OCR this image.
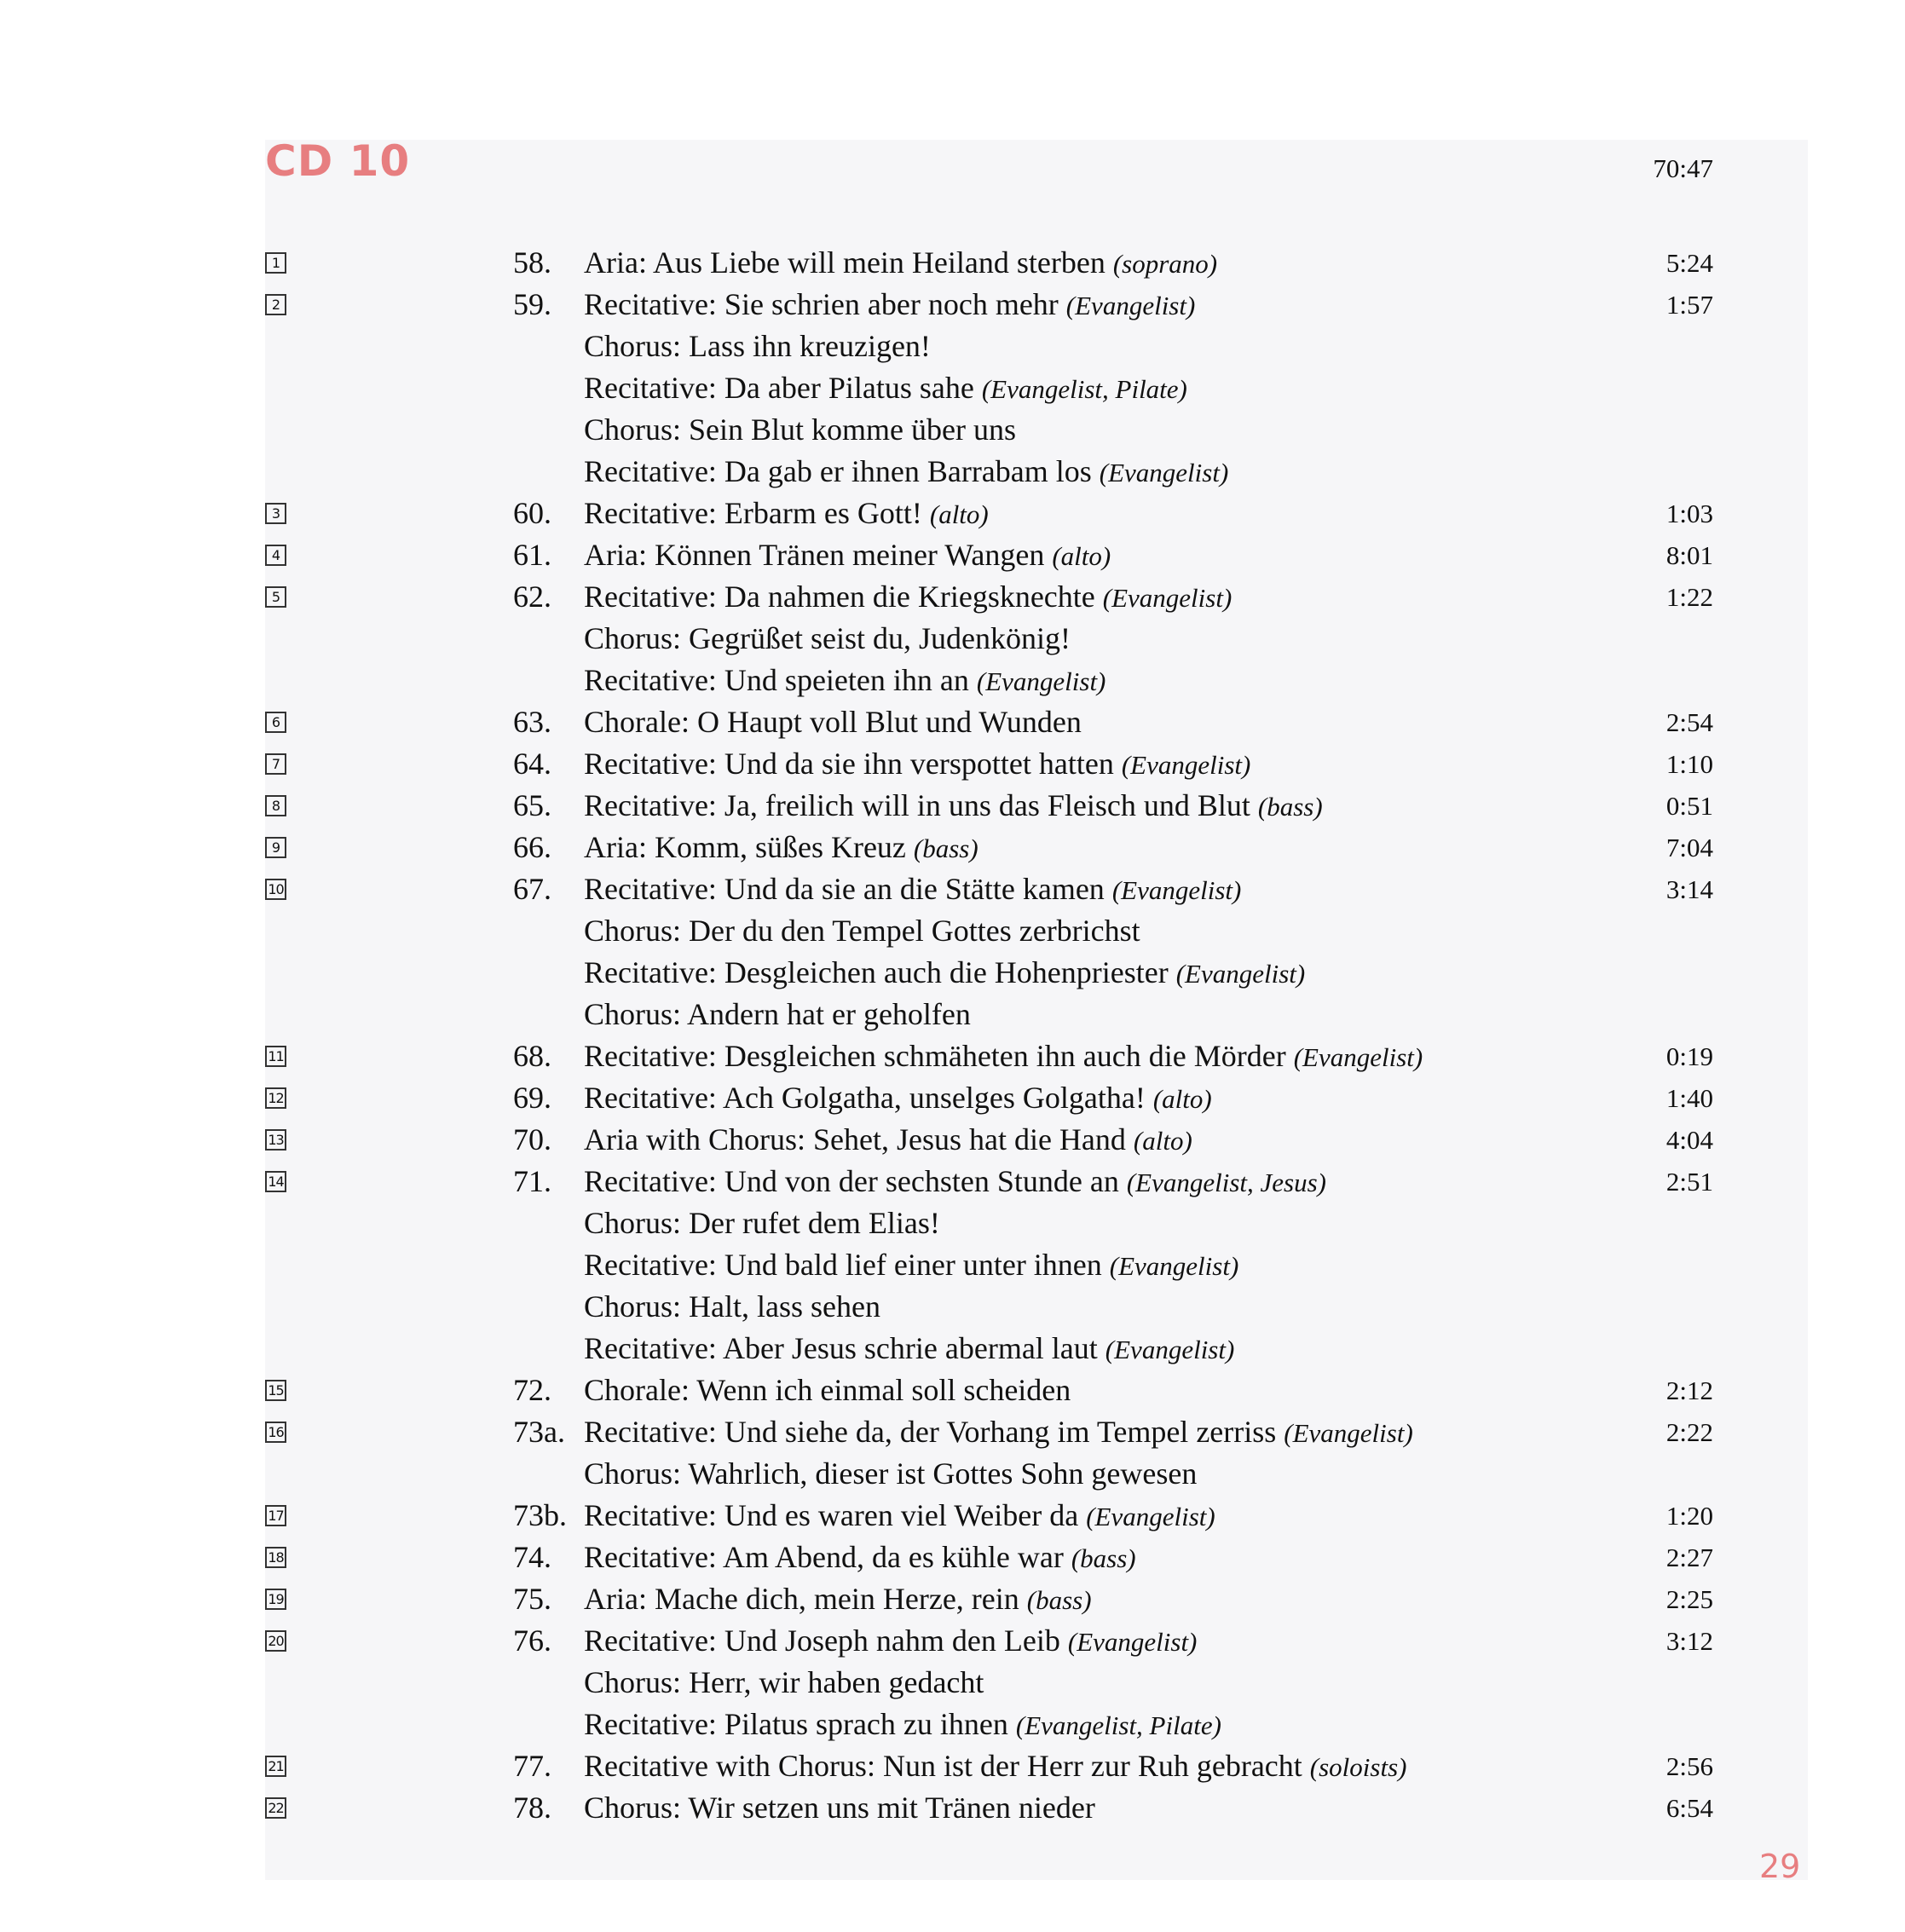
CD 10	70:47
1	58. Aria: Aus Liebe will mein Heiland sterben (soprano)	5:24
2	59. Recitative: Sie schrien aber noch mehr (Evangelist)	1:57
Chorus: Lass ihn kreuzigen!
Recitative: Da aber Pilatus sahe (Evangelist, Pilate)
Chorus: Sein Blut komme über uns
Recitative: Da gab er ihnen Barrabam los (Evangelist)
3	60. Recitative: Erbarm es Gott! (alto)	1:03
4	61. Aria: Können Tränen meiner Wangen (alto)	8:01
5	62. Recitative: Da nahmen die Kriegsknechte (Evangelist)	1:22
Chorus: Gegrüßet seist du, Judenkönig!
Recitative: Und speieten ihn an (Evangelist)
6	63. Chorale: O Haupt voll Blut und Wunden	2:54
7	64. Recitative: Und da sie ihn verspottet hatten (Evangelist)	1:10
8	65. Recitative: Ja, freilich will in uns das Fleisch und Blut (bass)	0:51
9	66. Aria: Komm, süßes Kreuz (bass)	7:04
10	67. Recitative: Und da sie an die Stätte kamen (Evangelist)	3:14
Chorus: Der du den Tempel Gottes zerbrichst
Recitative: Desgleichen auch die Hohenpriester (Evangelist)
Chorus: Andern hat er geholfen
11	68. Recitative: Desgleichen schmäheten ihn auch die Mörder (Evangelist)	0:19
12	69. Recitative: Ach Golgatha, unselges Golgatha! (alto)	1:40
13	70. Aria with Chorus: Sehet, Jesus hat die Hand (alto)	4:04
14	71. Recitative: Und von der sechsten Stunde an (Evangelist, Jesus)	2:51
Chorus: Der rufet dem Elias!
Recitative: Und bald lief einer unter ihnen (Evangelist)
Chorus: Halt, lass sehen
Recitative: Aber Jesus schrie abermal laut (Evangelist)
15	72. Chorale: Wenn ich einmal soll scheiden	2:12
16	73a. Recitative: Und siehe da, der Vorhang im Tempel zerriss (Evangelist)	2:22
Chorus: Wahrlich, dieser ist Gottes Sohn gewesen
17	73b. Recitative: Und es waren viel Weiber da (Evangelist)	1:20
18	74. Recitative: Am Abend, da es kühle war (bass)	2:27
19	75. Aria: Mache dich, mein Herze, rein (bass)	2:25
20	76. Recitative: Und Joseph nahm den Leib (Evangelist)	3:12
Chorus: Herr, wir haben gedacht
Recitative: Pilatus sprach zu ihnen (Evangelist, Pilate)
21	77. Recitative with Chorus: Nun ist der Herr zur Ruh gebracht (soloists)	2:56
22	78. Chorus: Wir setzen uns mit Tränen nieder	6:54
29
